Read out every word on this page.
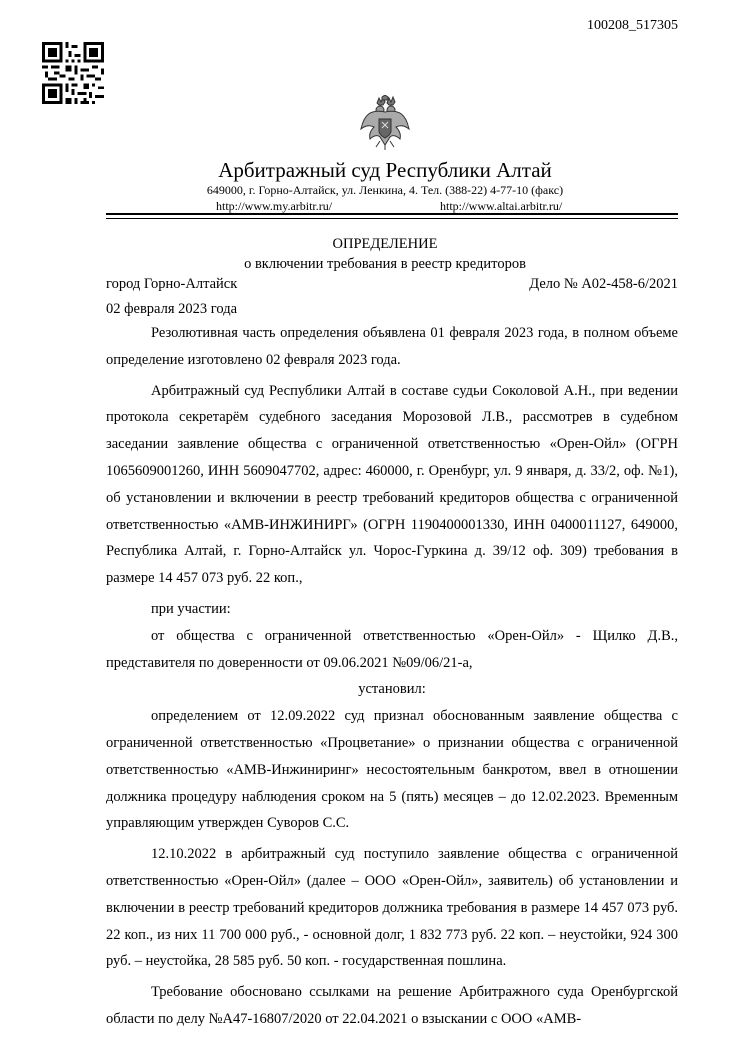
100208_517305
Арбитражный суд Республики Алтай
649000, г. Горно-Алтайск, ул. Ленкина, 4. Тел. (388-22) 4-77-10 (факс)
http://www.my.arbitr.ru/	http://www.altai.arbitr.ru/
ОПРЕДЕЛЕНИЕ
о включении требования в реестр кредиторов
город Горно-Алтайск	Дело № А02-458-6/2021
02 февраля 2023 года

Резолютивная часть определения объявлена 01 февраля 2023 года, в полном объеме определение изготовлено 02 февраля 2023 года.

Арбитражный суд Республики Алтай в составе судьи Соколовой А.Н., при ведении протокола секретарём судебного заседания Морозовой Л.В., рассмотрев в судебном заседании заявление общества с ограниченной ответственностью «Орен-Ойл» (ОГРН 1065609001260, ИНН 5609047702, адрес: 460000, г. Оренбург, ул. 9 января, д. 33/2, оф. №1), об установлении и включении в реестр требований кредиторов общества с ограниченной ответственностью «АМВ-ИНЖИНИРГ» (ОГРН 1190400001330, ИНН 0400011127, 649000, Республика Алтай, г. Горно-Алтайск ул. Чорос-Гуркина д. 39/12 оф. 309) требования в размере 14 457 073 руб. 22 коп.,

при участии:

от общества с ограниченной ответственностью «Орен-Ойл» - Щилко Д.В., представителя по доверенности от 09.06.2021 №09/06/21-а,

установил:

определением от 12.09.2022 суд признал обоснованным заявление общества с ограниченной ответственностью «Процветание» о признании общества с ограниченной ответственностью «АМВ-Инжиниринг» несостоятельным банкротом, ввел в отношении должника процедуру наблюдения сроком на 5 (пять) месяцев – до 12.02.2023. Временным управляющим утвержден Суворов С.С.

12.10.2022 в арбитражный суд поступило заявление общества с ограниченной ответственностью «Орен-Ойл» (далее – ООО «Орен-Ойл», заявитель) об установлении и включении в реестр требований кредиторов должника требования в размере 14 457 073 руб. 22 коп., из них 11 700 000 руб., - основной долг, 1 832 773 руб. 22 коп. – неустойки, 924 300 руб. – неустойка, 28 585 руб. 50 коп. - государственная пошлина.

Требование обосновано ссылками на решение Арбитражного суда Оренбургской области по делу №А47-16807/2020 от 22.04.2021 о взыскании с ООО «АМВ-
